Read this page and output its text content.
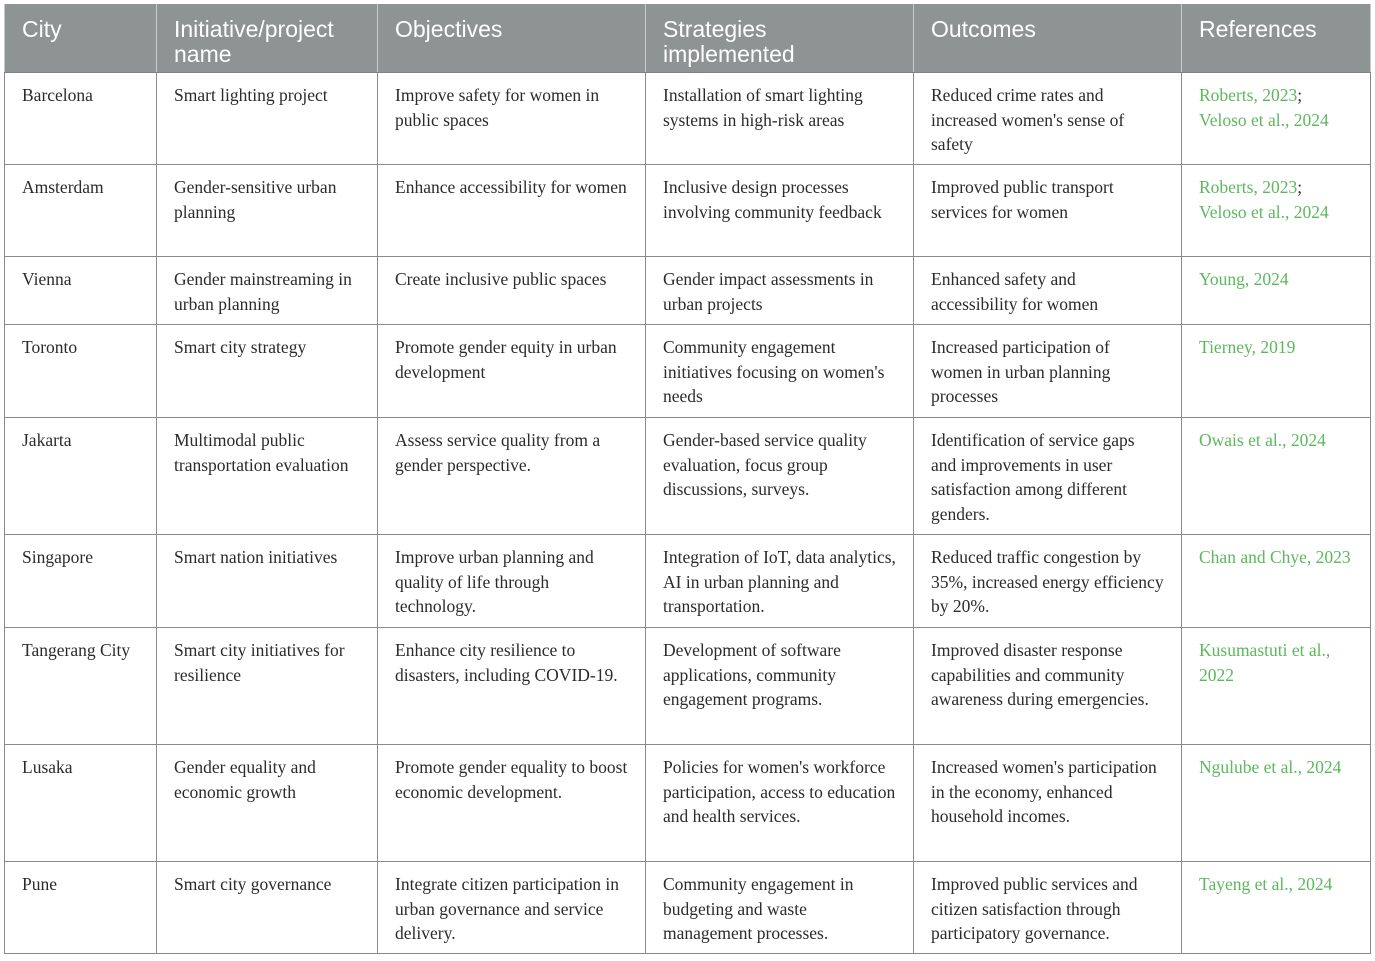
City	Initiative/project name	Objectives	Strategies implemented	Outcomes	References
Barcelona	Smart lighting project	Improve safety for women in public spaces	Installation of smart lighting systems in high-risk areas	Reduced crime rates and increased women's sense of safety	Roberts, 2023;
Veloso et al., 2024

Amsterdam	Gender-sensitive urban planning	Enhance accessibility for women	Inclusive design processes involving community feedback	Improved public transport services for women	Roberts, 2023;
Veloso et al., 2024

Vienna	Gender mainstreaming in urban planning	Create inclusive public spaces	Gender impact assessments in urban projects	Enhanced safety and accessibility for women	Young, 2024

Toronto	Smart city strategy	Promote gender equity in urban development	Community engagement initiatives focusing on women's needs	Increased participation of women in urban planning processes	Tierney, 2019

Jakarta	Multimodal public transportation evaluation	Assess service quality from a gender perspective.	Gender-based service quality evaluation, focus group discussions, surveys.	Identification of service gaps and improvements in user satisfaction among different genders.	Owais et al., 2024

Singapore	Smart nation initiatives	Improve urban planning and quality of life through technology.	Integration of IoT, data analytics, AI in urban planning and transportation.	Reduced traffic congestion by 35%, increased energy efficiency by 20%.	Chan and Chye, 2023

Tangerang City	Smart city initiatives for resilience	Enhance city resilience to disasters, including COVID-19.	Development of software applications, community engagement programs.	Improved disaster response capabilities and community awareness during emergencies.	Kusumastuti et al., 2022

Lusaka	Gender equality and economic growth	Promote gender equality to boost economic development.	Policies for women's workforce participation, access to education and health services.	Increased women's participation in the economy, enhanced household incomes.	Ngulube et al., 2024

Pune	Smart city governance	Integrate citizen participation in urban governance and service delivery.	Community engagement in budgeting and waste management processes.	Improved public services and citizen satisfaction through participatory governance.	Tayeng et al., 2024
